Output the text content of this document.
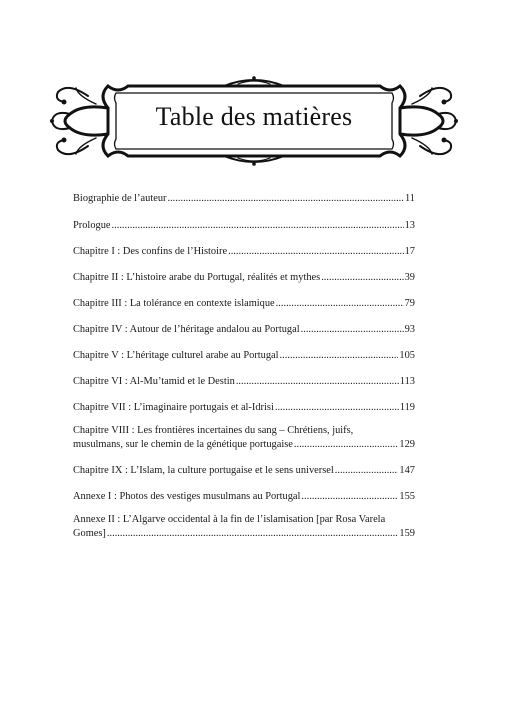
Table des matières
Biographie de l’auteur .....	11
Prologue .....	13
Chapitre I : Des confins de l’Histoire .....	17
Chapitre II : L’histoire arabe du Portugal, réalités et mythes .....	39
Chapitre III : La tolérance en contexte islamique .....	79
Chapitre IV : Autour de l’héritage andalou au Portugal .....	93
Chapitre V : L’héritage culturel arabe au Portugal .....	105
Chapitre VI : Al-Mu’tamid et le Destin .....	113
Chapitre VII : L’imaginaire portugais et al-Idrisi .....	119
Chapitre VIII : Les frontières incertaines du sang – Chrétiens, juifs,
musulmans, sur le chemin de la génétique portugaise .....	129
Chapitre IX : L’Islam, la culture portugaise et le sens universel .....	147
Annexe I : Photos des vestiges musulmans au Portugal .....	155
Annexe II : L’Algarve occidental à la fin de l’islamisation [par Rosa Varela
Gomes] .....	159
